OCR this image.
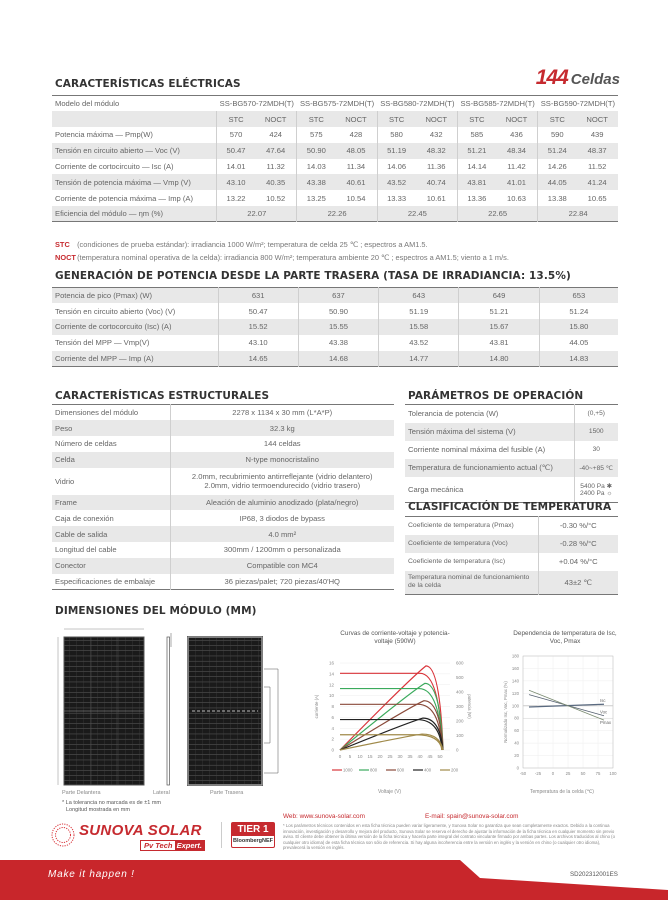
CARACTERÍSTICAS ELÉCTRICAS	144 Celdas
Modelo del módulo	SS-BG570-72MDH(T)		SS-BG575-72MDH(T)		SS-BG580-72MDH(T)		SS-BG585-72MDH(T)		SS-BG590-72MDH(T)	
	STC	NOCT	STC	NOCT	STC	NOCT	STC	NOCT	STC	NOCT
Potencia máxima — Pmp(W)	570	424	575	428	580	432	585	436	590	439
Tensión en circuito abierto — Voc (V)	50.47	47.64	50.90	48.05	51.19	48.32	51.21	48.34	51.24	48.37
Corriente de cortocircuito — Isc (A)	14.01	11.32	14.03	11.34	14.06	11.36	14.14	11.42	14.26	11.52
Tensión de potencia máxima — Vmp (V)	43.10	40.35	43.38	40.61	43.52	40.74	43.81	41.01	44.05	41.24
Corriente de potencia máxima — Imp (A)	13.22	10.52	13.25	10.54	13.33	10.61	13.36	10.63	13.38	10.65
Eficiencia del módulo — ηm (%)	22.07		22.26		22.45		22.65		22.84	
STC (condiciones de prueba estándar): irradiancia 1000 W/m²; temperatura de celda 25 ℃ ; espectros a AM1.5.
NOCT (temperatura nominal operativa de la celda): irradiancia 800 W/m²; temperatura ambiente 20 ℃ ; espectros a AM1.5; viento a 1 m/s.
GENERACIÓN DE POTENCIA DESDE LA PARTE TRASERA (TASA DE IRRADIANCIA: 13.5%)
Potencia de pico (Pmax) (W)	631	637	643	649	653
Tensión en circuito abierto (Voc) (V)	50.47	50.90	51.19	51.21	51.24
Corriente de cortocorcuito (Isc) (A)	15.52	15.55	15.58	15.67	15.80
Tensión del MPP — Vmp(V)	43.10	43.38	43.52	43.81	44.05
Corriente del MPP — Imp (A)	14.65	14.68	14.77	14.80	14.83
CARACTERÍSTICAS ESTRUCTURALES
Dimensiones del módulo	2278 x 1134 x 30 mm (L*A*P)

Peso	32.3 kg

Número de celdas	144 celdas

Celda	N-type monocristalino

Vidrio	2.0mm, recubrimiento antirreflejante (vidrio delantero)
2.0mm, vidrio termoendurecido (vidrio trasero)

Frame	Aleación de aluminio anodizado (plata/negro)

Caja de conexión	IP68, 3 diodos de bypass

Cable de salida	4.0 mm²

Longitud del cable	300mm / 1200mm o personalizada

Conector	Compatible con MC4

Especificaciones de embalaje	36 piezas/palet; 720 piezas/40'HQ
PARÁMETROS DE OPERACIÓN
Tolerancia de potencia (W)	(0,+5)

Tensión máxima del sistema (V)	1500

Corriente nominal máxima del fusible (A)	30

Temperatura de funcionamiento actual (℃)	-40~+85 ℃

Carga mecánica	5400 Pa ✱
2400 Pa ☼
CLASIFICACIÓN DE TEMPERATURA
Coeficiente de temperatura (Pmax)	-0.30 %/°C
Coeficiente de temperatura (Voc)	-0.28 %/°C
Coeficiente de temperatura (Isc)	+0.04 %/°C
Temperatura nominal de funcionamiento de la celda	43±2 ℃
DIMENSIONES DEL MÓDULO (MM)
Parte Delantera	Lateral	Parte Trasera
* La tolerancia no marcada es de ±1 mm
Longitud mostrada en mm
Curvas de corriente-voltaje y potencia-voltaje (590W)
0
2
4
6
8
10
12
14
16
0
100
200
300
400
500
600
0 5 10 15 20 25 30 35 40 45 50
1000	800	600	400	200
corriente (A)	potencia (W)
Voltaje (V)
Dependencia de temperatura de Isc, Voc, Pmax
0
20
40
60
80
100
120
140
160
180
-50 -25 0	25 50 75 100
Isc
Voc
Pmax
Normalizado Isc, Voc, Pmax (%)
Temperatura de la celda (℃)
SUNOVA SOLAR
Pv Tech Expert.
TIER 1
BloombergNEF
Web: www.sunova-solar.com	E-mail: spain@sunova-solar.com
* Los parámetros técnicos contenidos en esta ficha técnica pueden variar ligeramente, y Sunova Solar no garantiza que sean completamente exactos. Debido a la continua innovación, investigación y desarrollo y mejora del producto, Sunova Solar se reserva el derecho de ajustar la información de la ficha técnica en cualquier momento sin previo aviso. El cliente debe obtener la última versión de la ficha técnica y hacerla parte integral del contrato vinculante firmado por ambas partes. Los archivos traducidos al chino (o cualquier otro idioma) de esta ficha técnica son sólo de referencia. Si hay alguna incoherencia entre la versión en inglés y la versión en chino (o cualquier otro idioma), prevalecerá la versión en inglés.
Make it happen !	SD202312001ES
